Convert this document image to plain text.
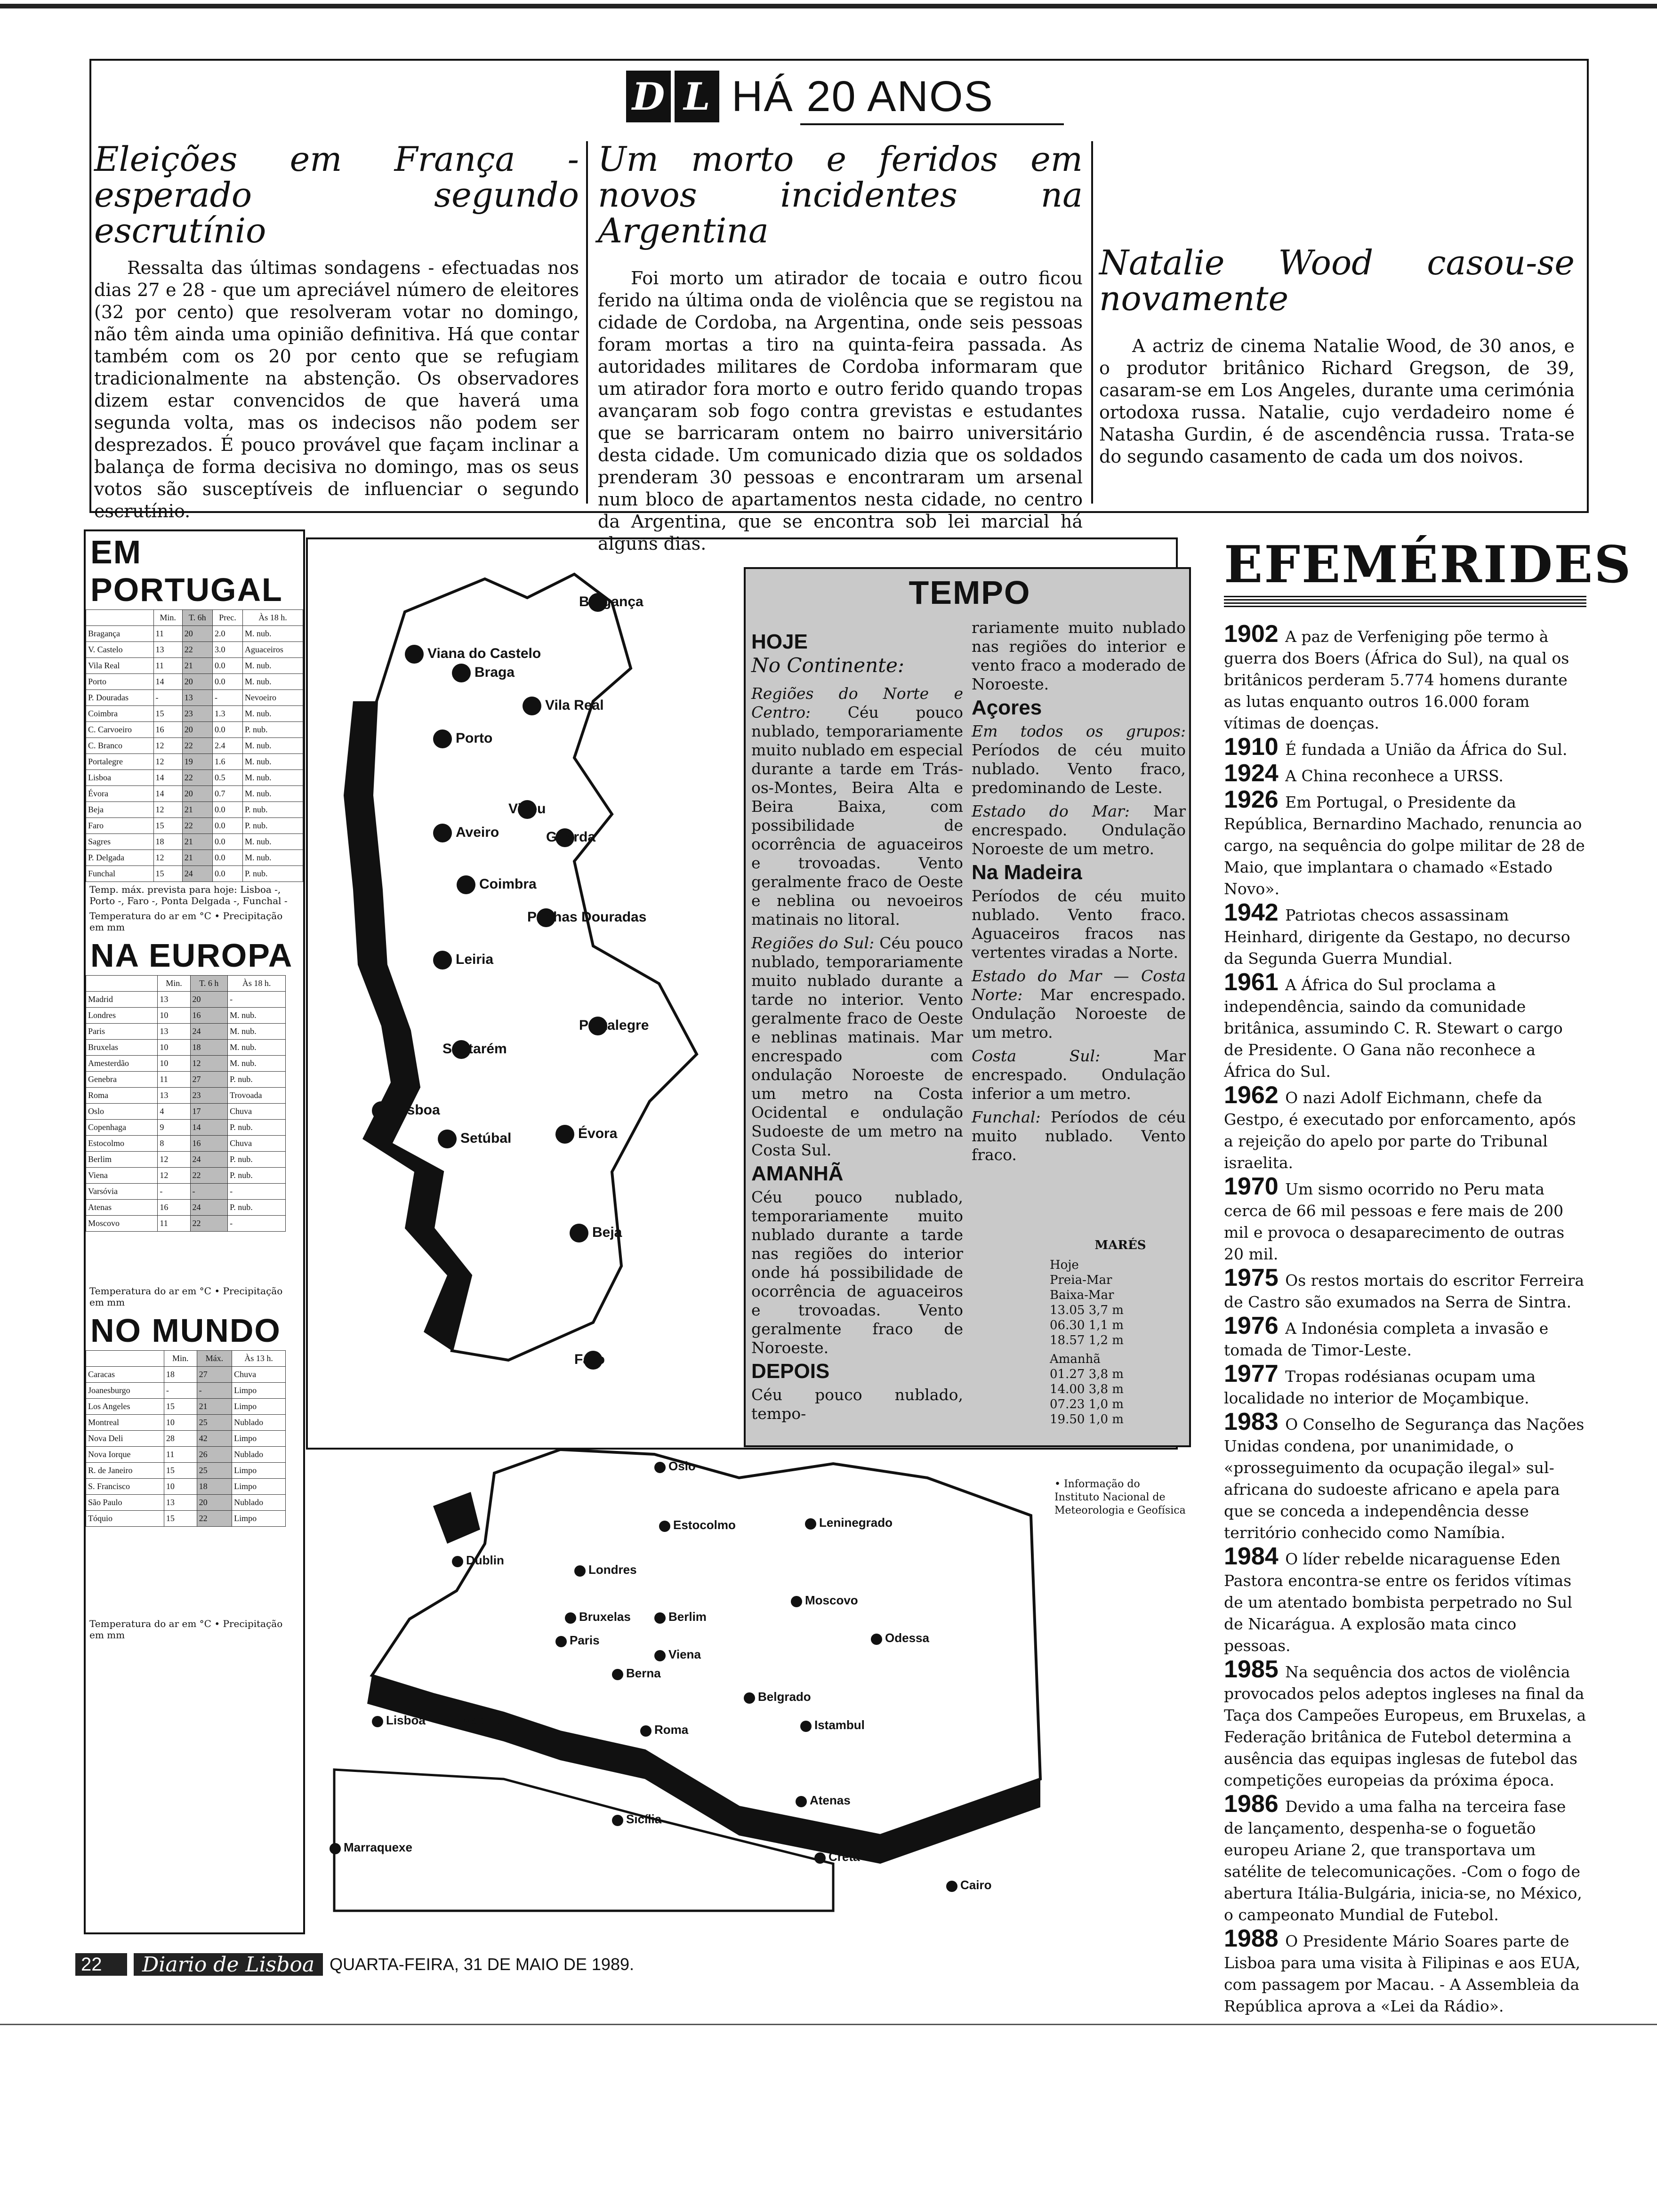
D L HÁ 20 ANOS
Eleições em França - esperado segundo escrutínio
Ressalta das últimas sondagens - efectuadas nos dias 27 e 28 - que um apreciável número de eleitores (32 por cento) que resolveram votar no domingo, não têm ainda uma opinião definitiva. Há que contar também com os 20 por cento que se refugiam tradicionalmente na abstenção. Os observadores dizem estar convencidos de que haverá uma segunda volta, mas os indecisos não podem ser desprezados. É pouco provável que façam inclinar a balança de forma decisiva no domingo, mas os seus votos são susceptíveis de influenciar o segundo escrutínio.
Um morto e feridos em novos incidentes na Argentina
Foi morto um atirador de tocaia e outro ficou ferido na última onda de violência que se registou na cidade de Cordoba, na Argentina, onde seis pessoas foram mortas a tiro na quinta-feira passada. As autoridades militares de Cordoba informaram que um atirador fora morto e outro ferido quando tropas avançaram sob fogo contra grevistas e estudantes que se barricaram ontem no bairro universitário desta cidade. Um comunicado dizia que os soldados prenderam 30 pessoas e encontraram um arsenal num bloco de apartamentos nesta cidade, no centro da Argentina, que se encontra sob lei marcial há alguns dias.
Natalie Wood casou-se novamente
A actriz de cinema Natalie Wood, de 30 anos, e o produtor britânico Richard Gregson, de 39, casaram-se em Los Angeles, durante uma cerimónia ortodoxa russa. Natalie, cujo verdadeiro nome é Natasha Gurdin, é de ascendência russa. Trata-se do segundo casamento de cada um dos noivos.
EM PORTUGAL
	Min.	T. 6h	Prec.	Às 18 h.
Bragança	11	20	2.0	M. nub.
V. Castelo	13	22	3.0	Aguaceiros
Vila Real	11	21	0.0	M. nub.
Porto	14	20	0.0	M. nub.
P. Douradas	-	13	-	Nevoeiro
Coimbra	15	23	1.3	M. nub.
C. Carvoeiro	16	20	0.0	P. nub.
C. Branco	12	22	2.4	M. nub.
Portalegre	12	19	1.6	M. nub.
Lisboa	14	22	0.5	M. nub.
Évora	14	20	0.7	M. nub.
Beja	12	21	0.0	P. nub.
Faro	15	22	0.0	P. nub.
Sagres	18	21	0.0	M. nub.
P. Delgada	12	21	0.0	M. nub.
Funchal	15	24	0.0	P. nub.
Temp. máx. prevista para hoje: Lisboa -, Porto -, Faro -, Ponta Delgada -, Funchal -
Temperatura do ar em °C • Precipitação em mm
NA EUROPA
	Min.	T. 6 h	Às 18 h.
Madrid	13	20	-
Londres	10	16	M. nub.
Paris	13	24	M. nub.
Bruxelas	10	18	M. nub.
Amesterdão	10	12	M. nub.
Genebra	11	27	P. nub.
Roma	13	23	Trovoada
Oslo	4	17	Chuva
Copenhaga	9	14	P. nub.
Estocolmo	8	16	Chuva
Berlim	12	24	P. nub.
Viena	12	22	P. nub.
Varsóvia	-	-	-
Atenas	16	24	P. nub.
Moscovo	11	22	-
Temperatura do ar em °C • Precipitação em mm
NO MUNDO
	Min.	Máx.	Às 13 h.
Caracas	18	27	Chuva
Joanesburgo	-	-	Limpo
Los Angeles	15	21	Limpo
Montreal	10	25	Nublado
Nova Deli	28	42	Limpo
Nova Iorque	11	26	Nublado
R. de Janeiro	15	25	Limpo
S. Francisco	10	18	Limpo
São Paulo	13	20	Nublado
Tóquio	15	22	Limpo
Temperatura do ar em °C • Precipitação em mm
Bragança
Viana do Castelo
Braga
Vila Real
Porto
Viseu
Aveiro	Guarda
Coimbra
Penhas Douradas
Leiria
Portalegre
Santarém
Lisboa
Setúbal	Évora
Beja
Faro
Oslo
Estocolmo	Leninegrado
Dublin
Londres
Moscovo
Bruxelas	Berlim
Paris	Odessa
Viena
Berna
Madrid
Lisboa
Belgrado
Roma	Istambul
Atenas
Sicília
Marraquexe
Creta
Cairo
TEMPO
HOJE
No Continente:
Regiões do Norte e Centro: Céu pouco nublado, temporariamente muito nublado em especial durante a tarde em Trás-os-Montes, Beira Alta e Beira Baixa, com possibilidade de ocorrência de aguaceiros e trovoadas. Vento geralmente fraco de Oeste e neblina ou nevoeiros matinais no litoral.
Regiões do Sul: Céu pouco nublado, temporariamente muito nublado durante a tarde no interior. Vento geralmente fraco de Oeste e neblinas matinais. Mar encrespado com ondulação Noroeste de um metro na Costa Ocidental e ondulação Sudoeste de um metro na Costa Sul.
AMANHÃ
Céu pouco nublado, temporariamente muito nublado durante a tarde nas regiões do interior onde há possibilidade de ocorrência de aguaceiros e trovoadas. Vento geralmente fraco de Noroeste.
DEPOIS
Céu pouco nublado, tempo-
rariamente muito nublado nas regiões do interior e vento fraco a moderado de Noroeste.
Açores
Em todos os grupos: Períodos de céu muito nublado. Vento fraco, predominando de Leste.
Estado do Mar: Mar encrespado. Ondulação Noroeste de um metro.
Na Madeira
Períodos de céu muito nublado. Vento fraco. Aguaceiros fracos nas vertentes viradas a Norte.
Estado do Mar — Costa Norte: Mar encrespado. Ondulação Noroeste de um metro.
Costa Sul: Mar encrespado. Ondulação inferior a um metro.
Funchal: Períodos de céu muito nublado. Vento fraco.
MARÉS
Hoje
Preia-Mar
Baixa-Mar
13.05 3,7 m
06.30 1,1 m
18.57 1,2 m
Amanhã
01.27 3,8 m
14.00 3,8 m
07.23 1,0 m
19.50 1,0 m
• Informação do Instituto Nacional de Meteorologia e Geofísica
EFEMÉRIDES

1902 A paz de Verfeniging põe termo à guerra dos Boers (África do Sul), na qual os britânicos perderam 5.774 homens durante as lutas enquanto outros 16.000 foram vítimas de doenças.

1910 É fundada a União da África do Sul.

1924 A China reconhece a URSS.

1926 Em Portugal, o Presidente da República, Bernardino Machado, renuncia ao cargo, na sequência do golpe militar de 28 de Maio, que implantara o chamado «Estado Novo».

1942 Patriotas checos assassinam Heinhard, dirigente da Gestapo, no decurso da Segunda Guerra Mundial.

1961 A África do Sul proclama a independência, saindo da comunidade britânica, assumindo C. R. Stewart o cargo de Presidente. O Gana não reconhece a África do Sul.

1962 O nazi Adolf Eichmann, chefe da Gestpo, é executado por enforcamento, após a rejeição do apelo por parte do Tribunal israelita.

1970 Um sismo ocorrido no Peru mata cerca de 66 mil pessoas e fere mais de 200 mil e provoca o desaparecimento de outras 20 mil.

1975 Os restos mortais do escritor Ferreira de Castro são exumados na Serra de Sintra.

1976 A Indonésia completa a invasão e tomada de Timor-Leste.

1977 Tropas rodésianas ocupam uma localidade no interior de Moçambique.

1983 O Conselho de Segurança das Nações Unidas condena, por unanimidade, o «prosseguimento da ocupação ilegal» sul-africana do sudoeste africano e apela para que se conceda a independência desse território conhecido como Namíbia.

1984 O líder rebelde nicaraguense Eden Pastora encontra-se entre os feridos vítimas de um atentado bombista perpetrado no Sul de Nicarágua. A explosão mata cinco pessoas.

1985 Na sequência dos actos de violência provocados pelos adeptos ingleses na final da Taça dos Campeões Europeus, em Bruxelas, a Federação britânica de Futebol determina a ausência das equipas inglesas de futebol das competições europeias da próxima época.

1986 Devido a uma falha na terceira fase de lançamento, despenha-se o foguetão europeu Ariane 2, que transportava um satélite de telecomunicações. -Com o fogo de abertura Itália-Bulgária, inicia-se, no México, o campeonato Mundial de Futebol.

1988 O Presidente Mário Soares parte de Lisboa para uma visita à Filipinas e aos EUA, com passagem por Macau. - A Assembleia da República aprova a «Lei da Rádio».

22	Diario de Lisboa QUARTA-FEIRA, 31 DE MAIO DE 1989.
